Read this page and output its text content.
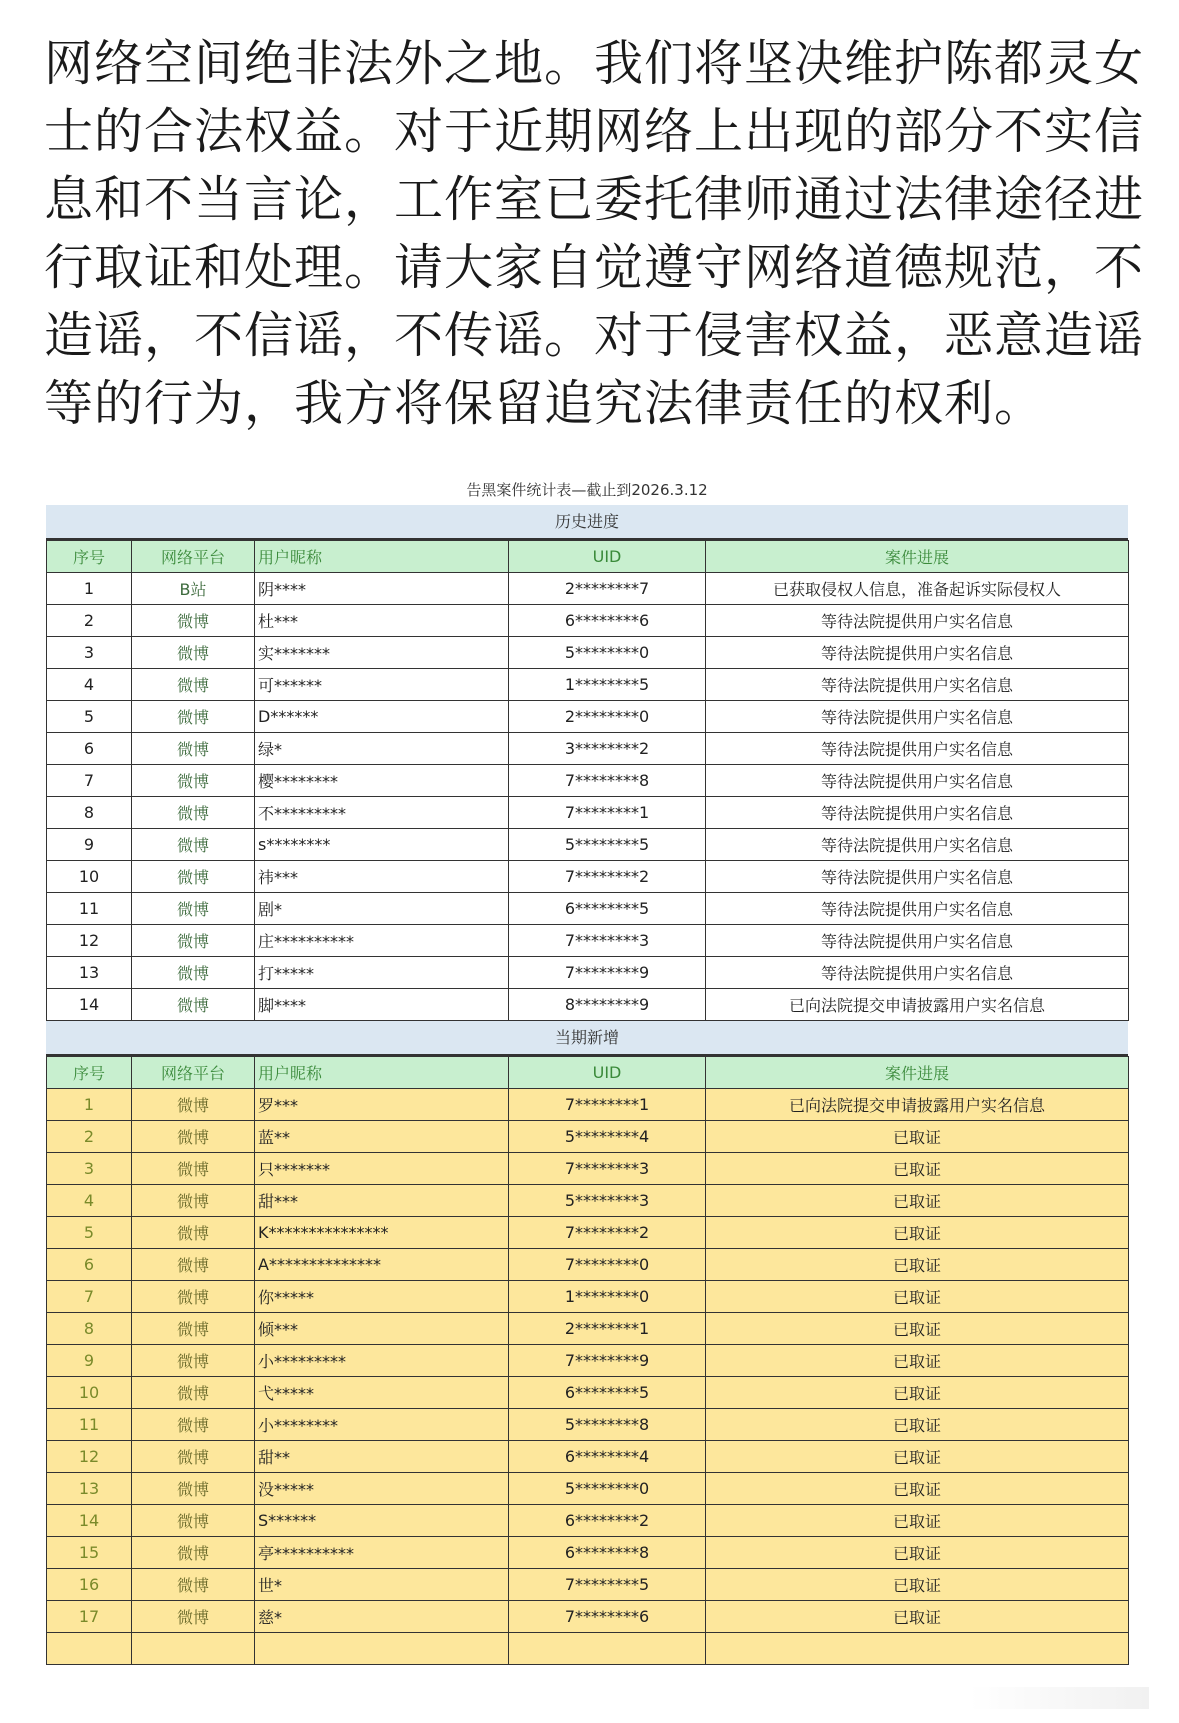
网络空间绝非法外之地。我们将坚决维护陈都灵女士的合法权益。对于近期网络上出现的部分不实信息和不当言论，工作室已委托律师通过法律途径进行取证和处理。请大家自觉遵守网络道德规范，不造谣，不信谣，不传谣。对于侵害权益，恶意造谣等的行为，我方将保留追究法律责任的权利。
告黑案件统计表—截止到2026.3.12
历史进度
序号	网络平台	用户昵称	UID	案件进展
1	B站	阴****	2********7	已获取侵权人信息，准备起诉实际侵权人
2	微博	杜***	6********6	等待法院提供用户实名信息
3	微博	实*******	5********0	等待法院提供用户实名信息
4	微博	可******	1********5	等待法院提供用户实名信息
5	微博	D******	2********0	等待法院提供用户实名信息
6	微博	绿*	3********2	等待法院提供用户实名信息
7	微博	樱********	7********8	等待法院提供用户实名信息
8	微博	不*********	7********1	等待法院提供用户实名信息
9	微博	s********	5********5	等待法院提供用户实名信息
10	微博	祎***	7********2	等待法院提供用户实名信息
11	微博	剧*	6********5	等待法院提供用户实名信息
12	微博	庄**********	7********3	等待法院提供用户实名信息
13	微博	打*****	7********9	等待法院提供用户实名信息
14	微博	脚****	8********9	已向法院提交申请披露用户实名信息
当期新增
序号	网络平台	用户昵称	UID	案件进展
1	微博	罗***	7********1	已向法院提交申请披露用户实名信息
2	微博	蓝**	5********4	已取证
3	微博	只*******	7********3	已取证
4	微博	甜***	5********3	已取证
5	微博	K***************	7********2	已取证
6	微博	A**************	7********0	已取证
7	微博	你*****	1********0	已取证
8	微博	倾***	2********1	已取证
9	微博	小*********	7********9	已取证
10	微博	弋*****	6********5	已取证
11	微博	小********	5********8	已取证
12	微博	甜**	6********4	已取证
13	微博	没*****	5********0	已取证
14	微博	S******	6********2	已取证
15	微博	亭**********	6********8	已取证
16	微博	世*	7********5	已取证
17	微博	慈*	7********6	已取证
